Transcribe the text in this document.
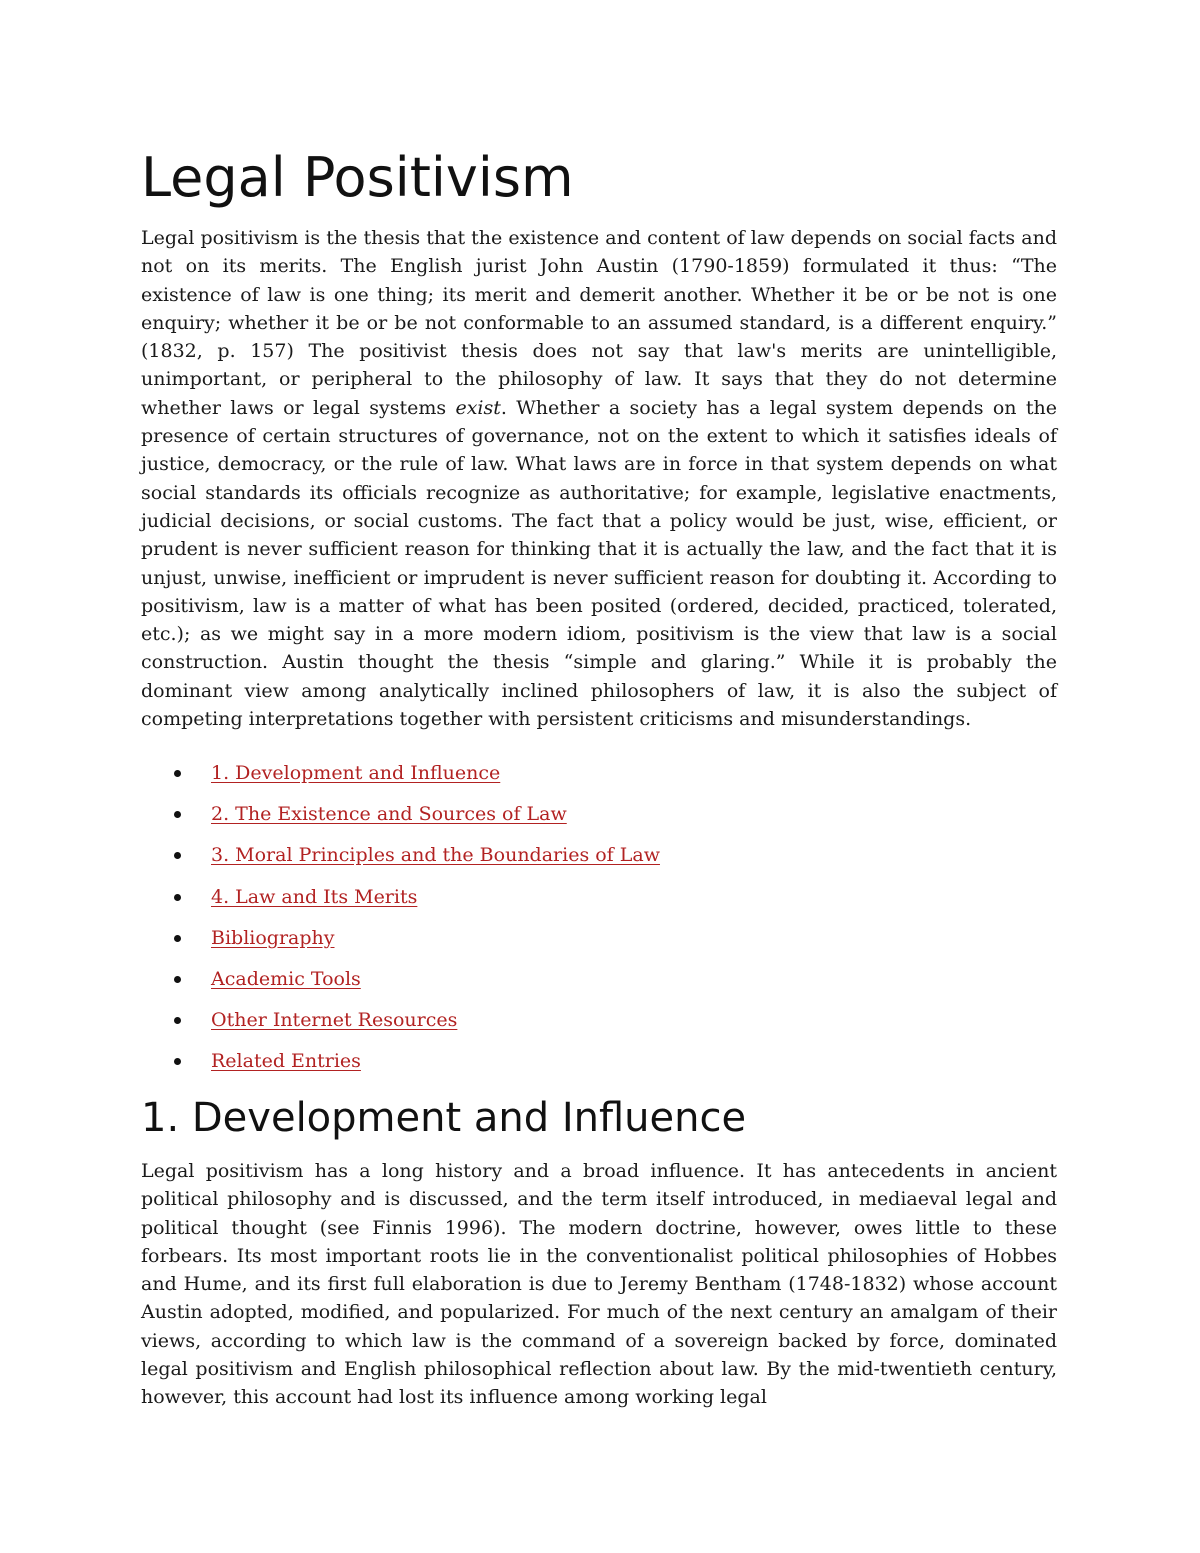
Legal Positivism

Legal positivism is the thesis that the existence and content of law depends on social facts and not on its merits. The English jurist John Austin (1790-1859) formulated it thus: “The existence of law is one thing; its merit and demerit another. Whether it be or be not is one enquiry; whether it be or be not conformable to an assumed standard, is a different enquiry.” (1832, p. 157) The positivist thesis does not say that law's merits are unintelligible, unimportant, or peripheral to the philosophy of law. It says that they do not determine whether laws or legal systems exist. Whether a society has a legal system depends on the presence of certain structures of governance, not on the extent to which it satisfies ideals of justice, democracy, or the rule of law. What laws are in force in that system depends on what social standards its officials recognize as authoritative; for example, legislative enactments, judicial decisions, or social customs. The fact that a policy would be just, wise, efficient, or prudent is never sufficient reason for thinking that it is actually the law, and the fact that it is unjust, unwise, inefficient or imprudent is never sufficient reason for doubting it. According to positivism, law is a matter of what has been posited (ordered, decided, practiced, tolerated, etc.); as we might say in a more modern idiom, positivism is the view that law is a social construction. Austin thought the thesis “simple and glaring.” While it is probably the dominant view among analytically inclined philosophers of law, it is also the subject of competing interpretations together with persistent criticisms and misunderstandings.

1. Development and Influence
2. The Existence and Sources of Law
3. Moral Principles and the Boundaries of Law
4. Law and Its Merits
Bibliography
Academic Tools
Other Internet Resources
Related Entries
1. Development and Influence

Legal positivism has a long history and a broad influence. It has antecedents in ancient political philosophy and is discussed, and the term itself introduced, in mediaeval legal and political thought (see Finnis 1996). The modern doctrine, however, owes little to these forbears. Its most important roots lie in the conventionalist political philosophies of Hobbes and Hume, and its first full elaboration is due to Jeremy Bentham (1748-1832) whose account Austin adopted, modified, and popularized. For much of the next century an amalgam of their views, according to which law is the command of a sovereign backed by force, dominated legal positivism and English philosophical reflection about law. By the mid-twentieth century, however, this account had lost its influence among working legal
